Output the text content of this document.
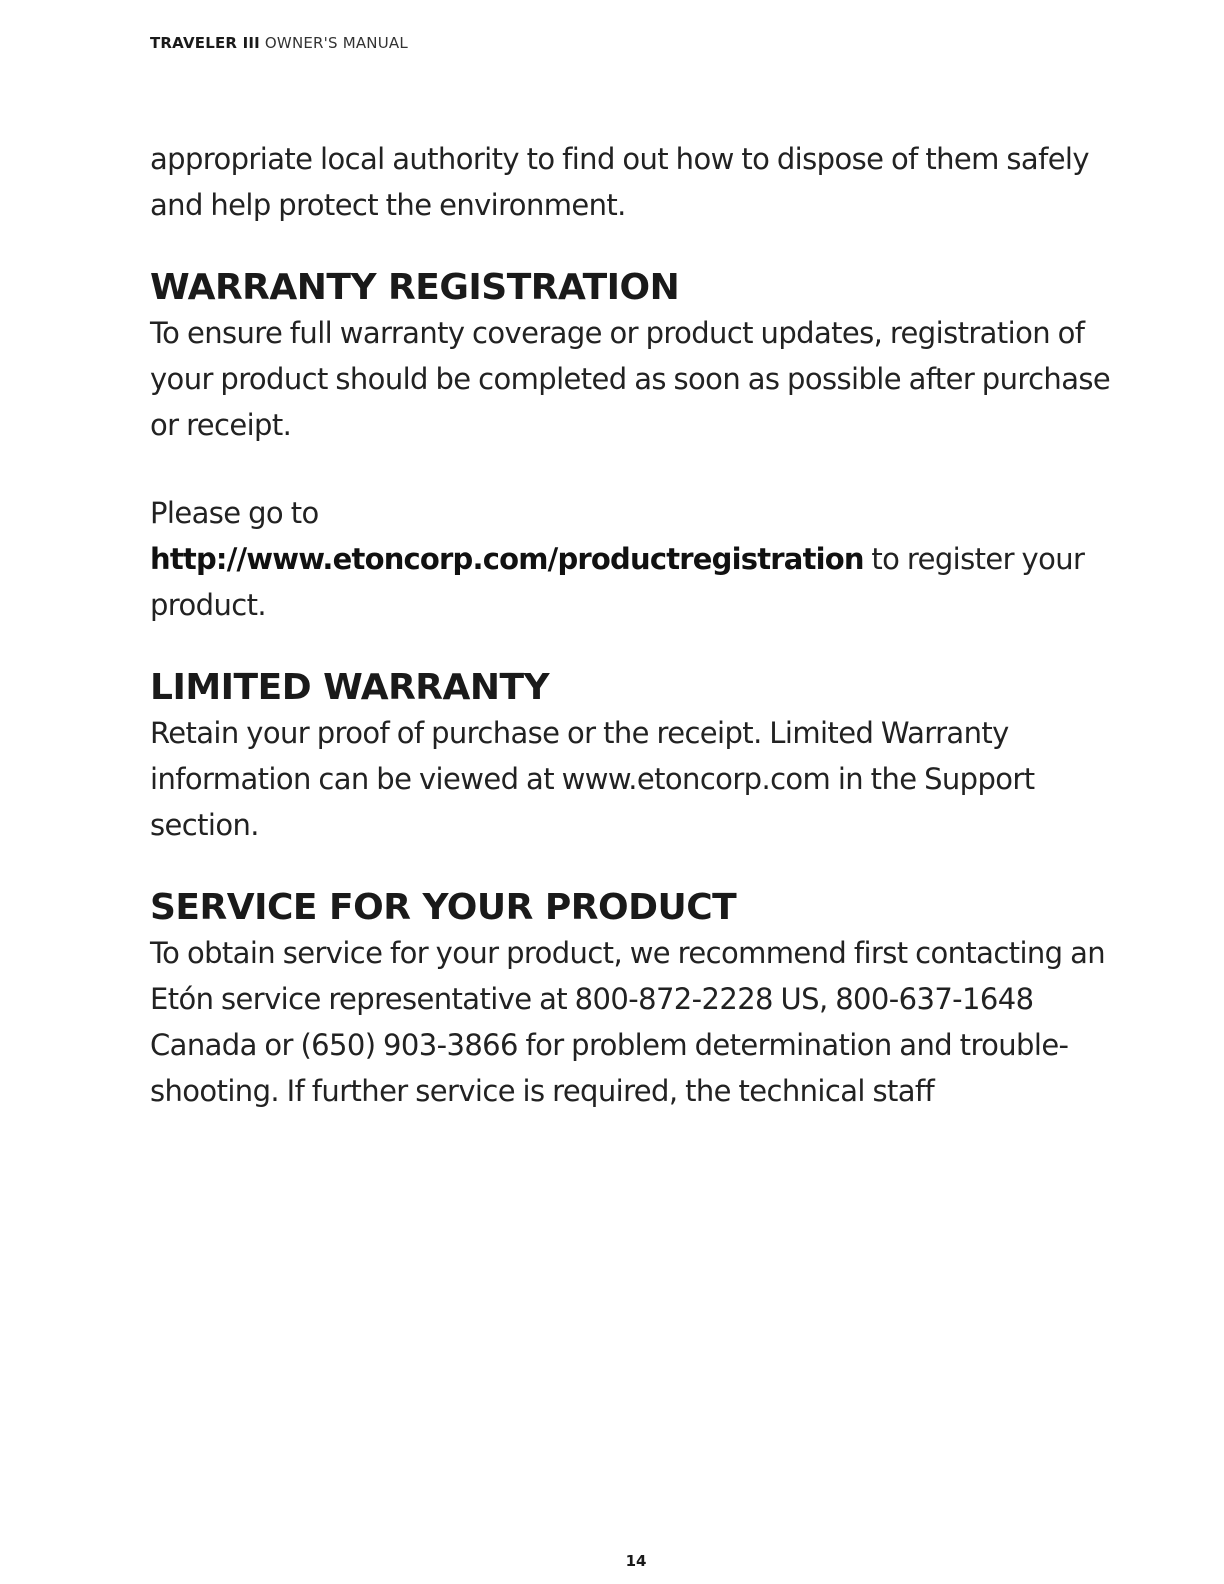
TRAVELER III OWNER'S MANUAL

appropriate local authority to find out how to dispose of them safely and help protect the environment.

WARRANTY REGISTRATION

To ensure full warranty coverage or product updates, registration of your product should be completed as soon as possible after purchase or receipt.

Please go to

http://www.etoncorp.com/productregistration to register your product.

LIMITED WARRANTY

Retain your proof of purchase or the receipt. Limited Warranty information can be viewed at www.etoncorp.com in the Support section.

SERVICE FOR YOUR PRODUCT

To obtain service for your product, we recommend first contacting an Etón service representative at 800-872-2228 US, 800-637-1648 Canada or (650) 903-3866 for problem determination and trouble-shooting. If further service is required, the technical staff

14
